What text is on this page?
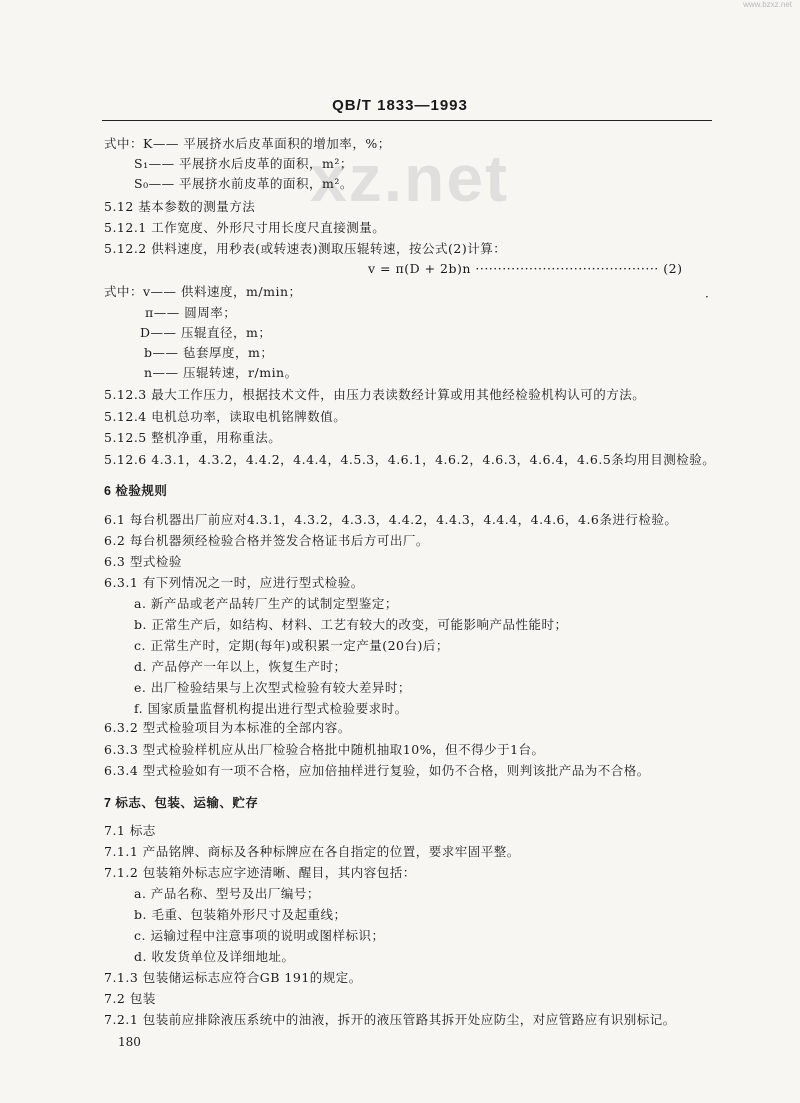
www.bzxz.net
xz.net
QB/T 1833—1993
式中：K—— 平展挤水后皮革面积的增加率，%；
S₁—— 平展挤水后皮革的面积，m²；
S₀—— 平展挤水前皮革的面积，m²。
5.12 基本参数的测量方法
5.12.1 工作宽度、外形尺寸用长度尺直接测量。
5.12.2 供料速度，用秒表(或转速表)测取压辊转速，按公式(2)计算：
v = π(D + 2b)n ········································· (2)
式中：v—— 供料速度，m/min；
π—— 圆周率；
D—— 压辊直径，m；
b—— 毡套厚度，m；
n—— 压辊转速，r/min。
·
5.12.3 最大工作压力，根据技术文件，由压力表读数经计算或用其他经检验机构认可的方法。
5.12.4 电机总功率，读取电机铭牌数值。
5.12.5 整机净重，用称重法。
5.12.6 4.3.1，4.3.2，4.4.2，4.4.4，4.5.3，4.6.1，4.6.2，4.6.3，4.6.4，4.6.5条均用目测检验。
6 检验规则
6.1 每台机器出厂前应对4.3.1，4.3.2，4.3.3，4.4.2，4.4.3，4.4.4，4.4.6，4.6条进行检验。
6.2 每台机器须经检验合格并签发合格证书后方可出厂。
6.3 型式检验
6.3.1 有下列情况之一时，应进行型式检验。
a. 新产品或老产品转厂生产的试制定型鉴定；
b. 正常生产后，如结构、材料、工艺有较大的改变，可能影响产品性能时；
c. 正常生产时，定期(每年)或积累一定产量(20台)后；
d. 产品停产一年以上，恢复生产时；
e. 出厂检验结果与上次型式检验有较大差异时；
f. 国家质量监督机构提出进行型式检验要求时。
6.3.2 型式检验项目为本标准的全部内容。
6.3.3 型式检验样机应从出厂检验合格批中随机抽取10%，但不得少于1台。
6.3.4 型式检验如有一项不合格，应加倍抽样进行复验，如仍不合格，则判该批产品为不合格。
7 标志、包装、运输、贮存
7.1 标志
7.1.1 产品铭牌、商标及各种标牌应在各自指定的位置，要求牢固平整。
7.1.2 包装箱外标志应字迹清晰、醒目，其内容包括：
a. 产品名称、型号及出厂编号；
b. 毛重、包装箱外形尺寸及起重线；
c. 运输过程中注意事项的说明或图样标识；
d. 收发货单位及详细地址。
7.1.3 包装储运标志应符合GB 191的规定。
7.2 包装
7.2.1 包装前应排除液压系统中的油液，拆开的液压管路其拆开处应防尘，对应管路应有识别标记。
180
